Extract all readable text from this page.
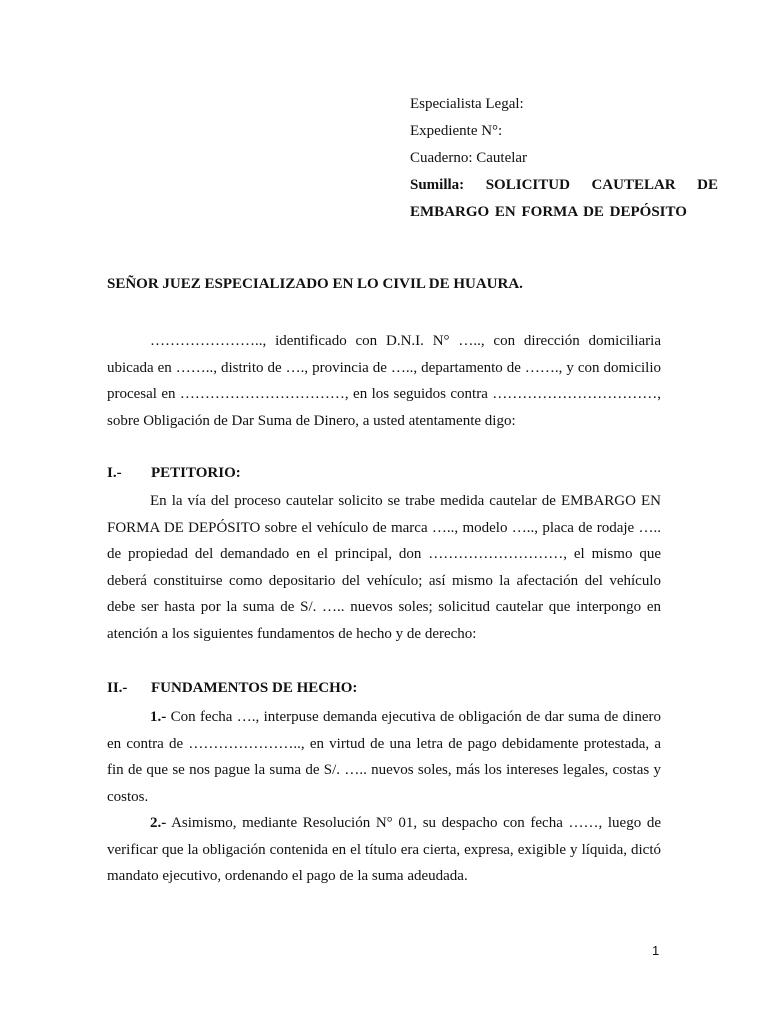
Especialista Legal:
Expediente N°:
Cuaderno: Cautelar
Sumilla: SOLICITUD CAUTELAR DE EMBARGO EN FORMA DE DEPÓSITO
SEÑOR JUEZ ESPECIALIZADO EN LO CIVIL DE HUAURA.

………………….., identificado con D.N.I. N° ….., con dirección domiciliaria ubicada en …….., distrito de …., provincia de ….., departamento de ……., y con domicilio procesal en ……………………………, en los seguidos contra ……………………………, sobre Obligación de Dar Suma de Dinero, a usted atentamente digo:

I.- PETITORIO:

En la vía del proceso cautelar solicito se trabe medida cautelar de EMBARGO EN FORMA DE DEPÓSITO sobre el vehículo de marca ….., modelo ….., placa de rodaje ….. de propiedad del demandado en el principal, don ………………………, el mismo que deberá constituirse como depositario del vehículo; así mismo la afectación del vehículo debe ser hasta por la suma de S/. ….. nuevos soles; solicitud cautelar que interpongo en atención a los siguientes fundamentos de hecho y de derecho:

II.- FUNDAMENTOS DE HECHO:

1.- Con fecha …., interpuse demanda ejecutiva de obligación de dar suma de dinero en contra de ………………….., en virtud de una letra de pago debidamente protestada, a fin de que se nos pague la suma de S/. ….. nuevos soles, más los intereses legales, costas y costos.

2.- Asimismo, mediante Resolución N° 01, su despacho con fecha ……, luego de verificar que la obligación contenida en el título era cierta, expresa, exigible y líquida, dictó mandato ejecutivo, ordenando el pago de la suma adeudada.

1
